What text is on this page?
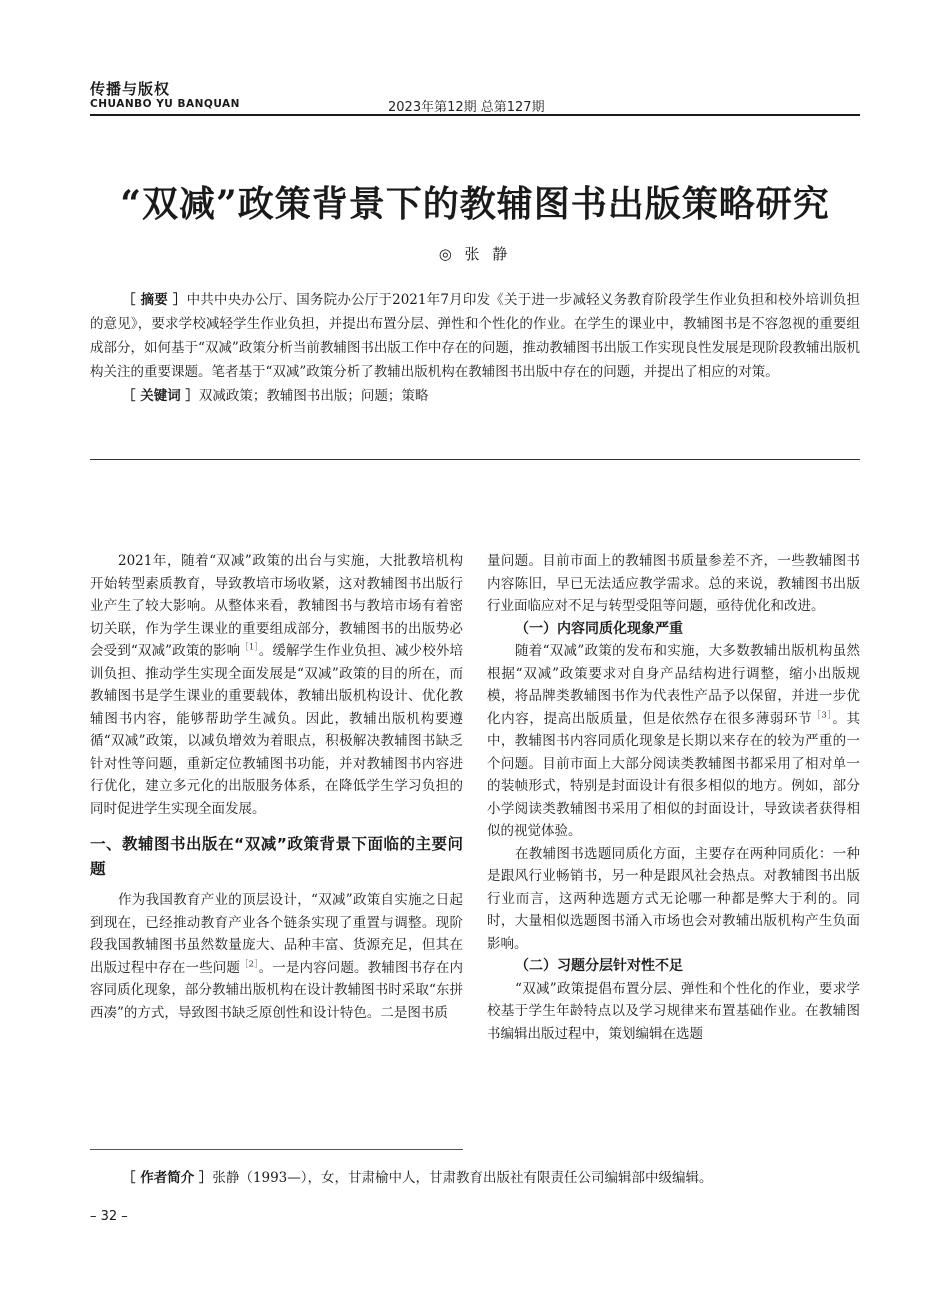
传播与版权
CHUANBO YU BANQUAN	2023年第12期 总第127期
“双减”政策背景下的教辅图书出版策略研究
◎ 张 静

［ 摘要 ］中共中央办公厅、国务院办公厅于2021年7月印发《关于进一步减轻义务教育阶段学生作业负担和校外培训负担的意见》，要求学校减轻学生作业负担，并提出布置分层、弹性和个性化的作业。在学生的课业中，教辅图书是不容忽视的重要组成部分，如何基于“双减”政策分析当前教辅图书出版工作中存在的问题，推动教辅图书出版工作实现良性发展是现阶段教辅出版机构关注的重要课题。笔者基于“双减”政策分析了教辅出版机构在教辅图书出版中存在的问题，并提出了相应的对策。

［ 关键词 ］双减政策；教辅图书出版；问题；策略

2021年，随着“双减”政策的出台与实施，大批教培机构开始转型素质教育，导致教培市场收紧，这对教辅图书出版行业产生了较大影响。从整体来看，教辅图书与教培市场有着密切关联，作为学生课业的重要组成部分，教辅图书的出版势必会受到“双减”政策的影响$^{[1]}$。缓解学生作业负担、减少校外培训负担、推动学生实现全面发展是“双减”政策的目的所在，而教辅图书是学生课业的重要载体，教辅出版机构设计、优化教辅图书内容，能够帮助学生减负。因此，教辅出版机构要遵循“双减”政策，以减负增效为着眼点，积极解决教辅图书缺乏针对性等问题，重新定位教辅图书功能，并对教辅图书内容进行优化，建立多元化的出版服务体系，在降低学生学习负担的同时促进学生实现全面发展。

一、教辅图书出版在“双减”政策背景下面临的主要问题

作为我国教育产业的顶层设计，“双减”政策自实施之日起到现在，已经推动教育产业各个链条实现了重置与调整。现阶段我国教辅图书虽然数量庞大、品种丰富、货源充足，但其在出版过程中存在一些问题$^{[2]}$。一是内容问题。教辅图书存在内容同质化现象，部分教辅出版机构在设计教辅图书时采取“东拼西凑”的方式，导致图书缺乏原创性和设计特色。二是图书质

量问题。目前市面上的教辅图书质量参差不齐，一些教辅图书内容陈旧，早已无法适应教学需求。总的来说，教辅图书出版行业面临应对不足与转型受阻等问题，亟待优化和改进。

（一）内容同质化现象严重

随着“双减”政策的发布和实施，大多数教辅出版机构虽然根据“双减”政策要求对自身产品结构进行调整，缩小出版规模，将品牌类教辅图书作为代表性产品予以保留，并进一步优化内容，提高出版质量，但是依然存在很多薄弱环节$^{[3]}$。其中，教辅图书内容同质化现象是长期以来存在的较为严重的一个问题。目前市面上大部分阅读类教辅图书都采用了相对单一的装帧形式，特别是封面设计有很多相似的地方。例如，部分小学阅读类教辅图书采用了相似的封面设计，导致读者获得相似的视觉体验。

在教辅图书选题同质化方面，主要存在两种同质化：一种是跟风行业畅销书，另一种是跟风社会热点。对教辅图书出版行业而言，这两种选题方式无论哪一种都是弊大于利的。同时，大量相似选题图书涌入市场也会对教辅出版机构产生负面影响。

（二）习题分层针对性不足

“双减”政策提倡布置分层、弹性和个性化的作业，要求学校基于学生年龄特点以及学习规律来布置基础作业。在教辅图书编辑出版过程中，策划编辑在选题

［ 作者简介 ］张静（1993—），女，甘肃榆中人，甘肃教育出版社有限责任公司编辑部中级编辑。
– 32 –
